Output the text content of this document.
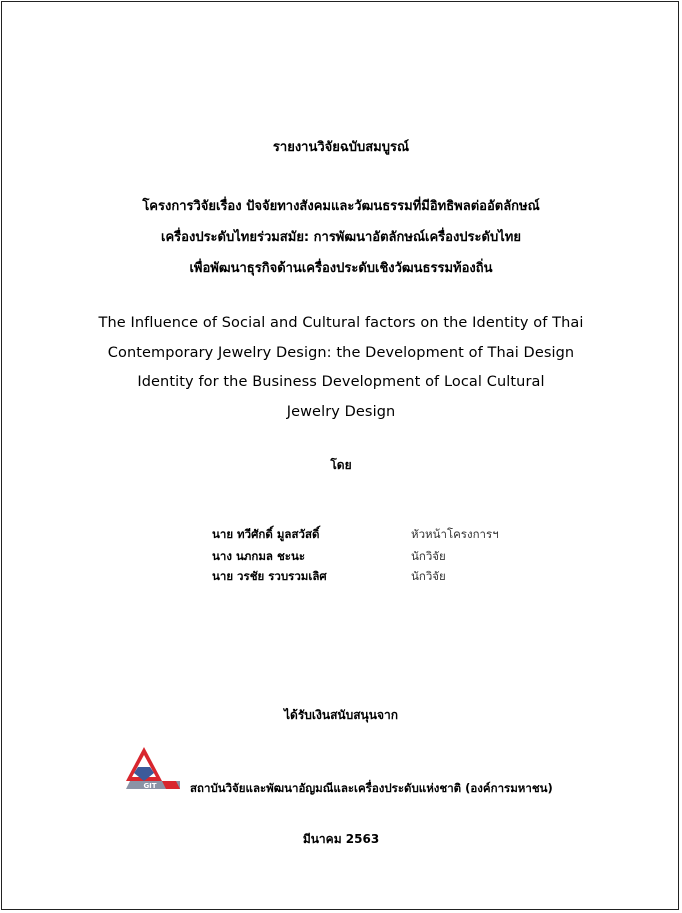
รายงานวิจัยฉบับสมบูรณ์
โครงการวิจัยเรื่อง ปัจจัยทางสังคมและวัฒนธรรมที่มีอิทธิพลต่ออัตลักษณ์
เครื่องประดับไทยร่วมสมัย: การพัฒนาอัตลักษณ์เครื่องประดับไทย
เพื่อพัฒนาธุรกิจด้านเครื่องประดับเชิงวัฒนธรรมท้องถิ่น
The Influence of Social and Cultural factors on the Identity of Thai
Contemporary Jewelry Design: the Development of Thai Design
Identity for the Business Development of Local Cultural
Jewelry Design
โดย
นาย ทวีศักดิ์ มูลสวัสดิ์	หัวหน้าโครงการฯ
นาง นภกมล ชะนะ	นักวิจัย
นาย วรชัย รวบรวมเลิศ	นักวิจัย
ได้รับเงินสนับสนุนจาก
GIT	สถาบันวิจัยและพัฒนาอัญมณีและเครื่องประดับแห่งชาติ (องค์การมหาชน)
มีนาคม 2563
